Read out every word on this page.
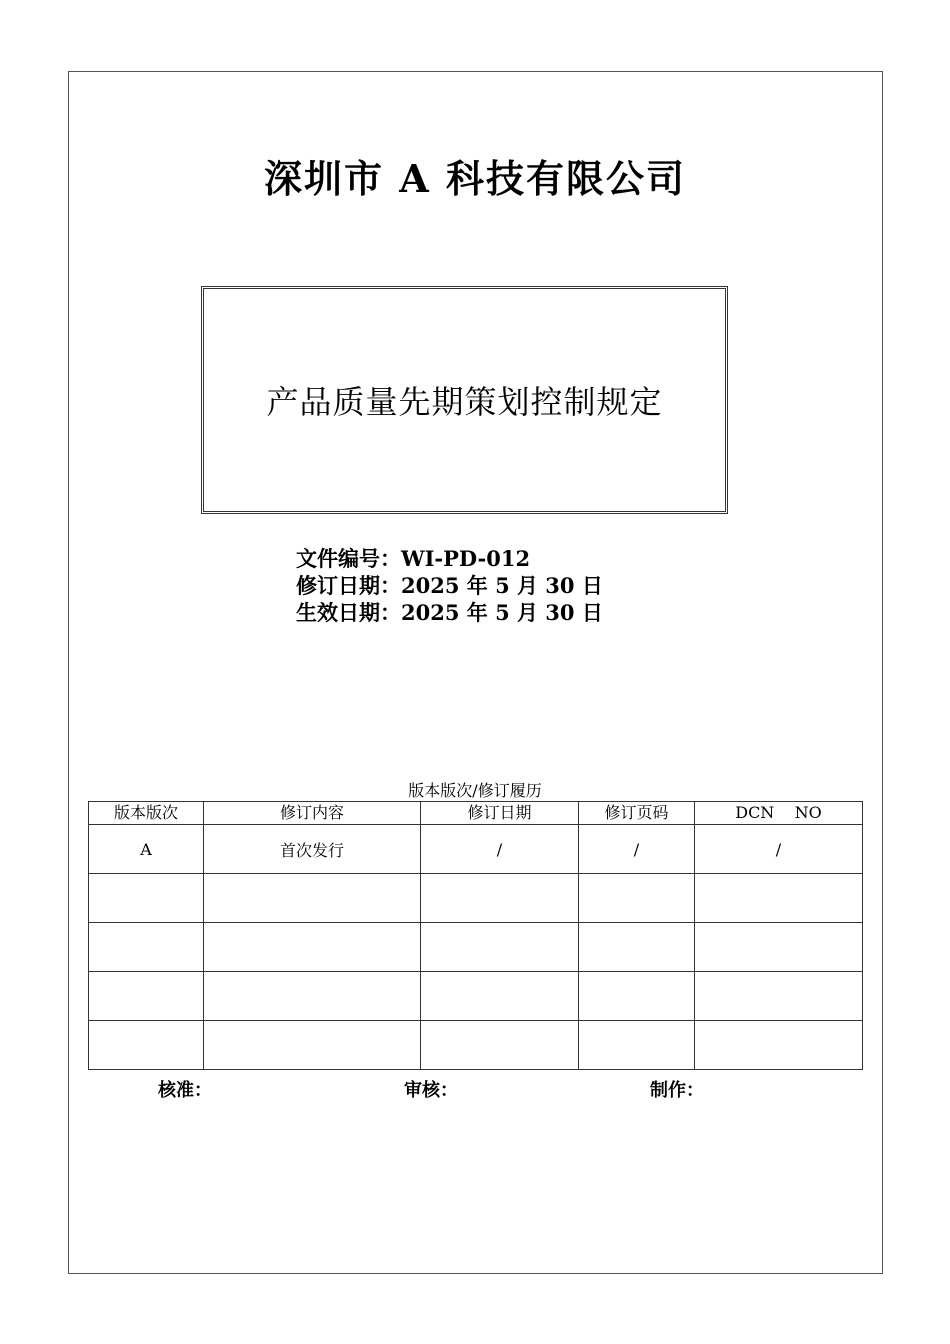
深圳市 A 科技有限公司
产品质量先期策划控制规定
文件编号：WI-PD-012
修订日期：2025 年 5 月 30 日
生效日期：2025 年 5 月 30 日
版本版次/修订履历
版本版次	修订内容	修订日期	修订页码	DCN    NO
A	首次发行	/	/	/

核准：	审核：	制作：
